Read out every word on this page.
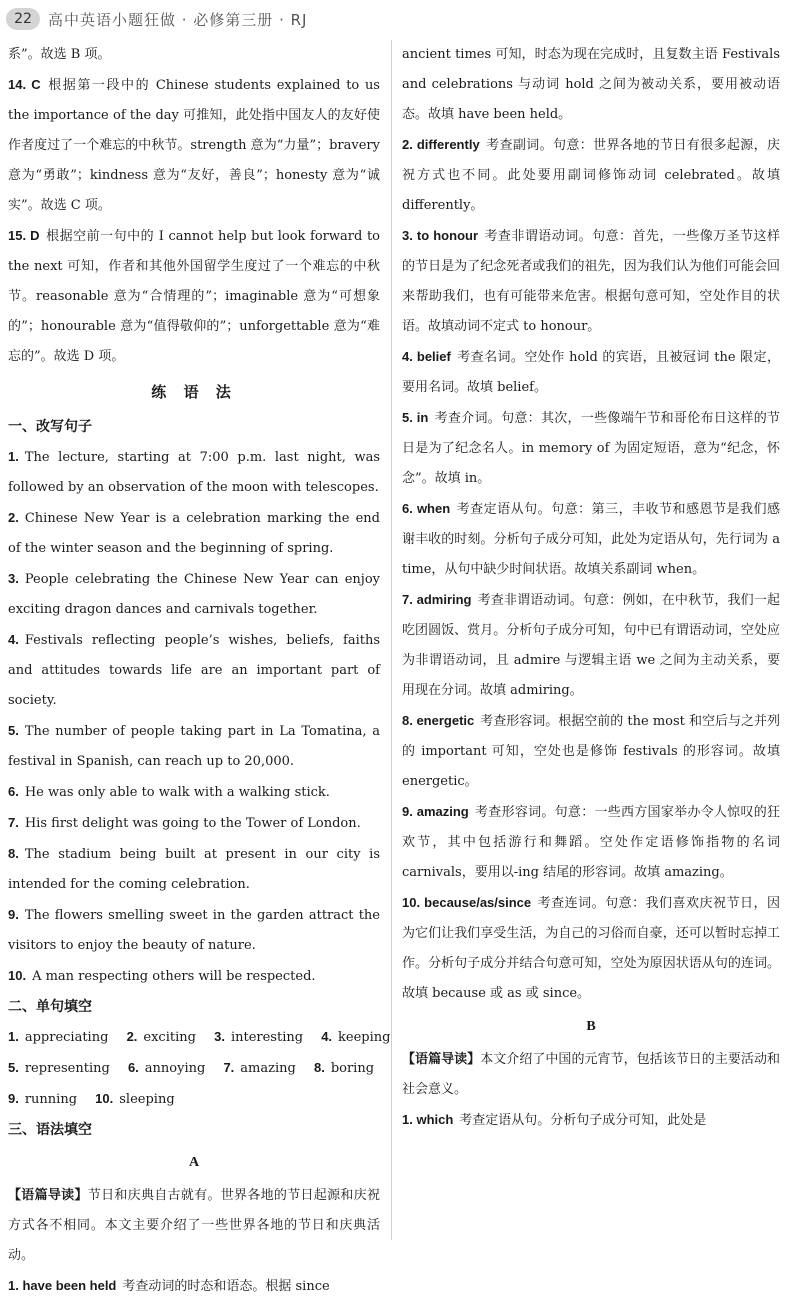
22	高中英语小题狂做 · 必修第三册 · RJ

系”。故选 B 项。

14. C 根据第一段中的 Chinese students explained to us the importance of the day 可推知，此处指中国友人的友好使作者度过了一个难忘的中秋节。strength 意为“力量”；bravery 意为“勇敢”；kindness 意为“友好，善良”；honesty 意为“诚实”。故选 C 项。

15. D 根据空前一句中的 I cannot help but look forward to the next 可知，作者和其他外国留学生度过了一个难忘的中秋节。reasonable 意为“合情理的”；imaginable 意为“可想象的”；honourable 意为“值得敬仰的”；unforgettable 意为“难忘的”。故选 D 项。

练 语 法

一、改写句子

1. The lecture, starting at 7:00 p.m. last night, was followed by an observation of the moon with telescopes.

2. Chinese New Year is a celebration marking the end of the winter season and the beginning of spring.

3. People celebrating the Chinese New Year can enjoy exciting dragon dances and carnivals together.

4. Festivals reflecting people’s wishes, beliefs, faiths and attitudes towards life are an important part of society.

5. The number of people taking part in La Tomatina, a festival in Spanish, can reach up to 20,000.

6. He was only able to walk with a walking stick.

7. His first delight was going to the Tower of London.

8. The stadium being built at present in our city is intended for the coming celebration.

9. The flowers smelling sweet in the garden attract the visitors to enjoy the beauty of nature.

10. A man respecting others will be respected.

二、单句填空

1. appreciating 2. exciting 3. interesting 4. keeping

5. representing 6. annoying 7. amazing 8. boring

9. running 10. sleeping

三、语法填空

A

【语篇导读】节日和庆典自古就有。世界各地的节日起源和庆祝方式各不相同。本文主要介绍了一些世界各地的节日和庆典活动。

1. have been held 考查动词的时态和语态。根据 since

ancient times 可知，时态为现在完成时，且复数主语 Festivals and celebrations 与动词 hold 之间为被动关系，要用被动语态。故填 have been held。

2. differently 考查副词。句意：世界各地的节日有很多起源，庆祝方式也不同。此处要用副词修饰动词 celebrated。故填 differently。

3. to honour 考查非谓语动词。句意：首先，一些像万圣节这样的节日是为了纪念死者或我们的祖先，因为我们认为他们可能会回来帮助我们，也有可能带来危害。根据句意可知，空处作目的状语。故填动词不定式 to honour。

4. belief 考查名词。空处作 hold 的宾语，且被冠词 the 限定，要用名词。故填 belief。

5. in 考查介词。句意：其次，一些像端午节和哥伦布日这样的节日是为了纪念名人。in memory of 为固定短语，意为“纪念，怀念”。故填 in。

6. when 考查定语从句。句意：第三，丰收节和感恩节是我们感谢丰收的时刻。分析句子成分可知，此处为定语从句，先行词为 a time，从句中缺少时间状语。故填关系副词 when。

7. admiring 考查非谓语动词。句意：例如，在中秋节，我们一起吃团圆饭、赏月。分析句子成分可知，句中已有谓语动词，空处应为非谓语动词，且 admire 与逻辑主语 we 之间为主动关系，要用现在分词。故填 admiring。

8. energetic 考查形容词。根据空前的 the most 和空后与之并列的 important 可知，空处也是修饰 festivals 的形容词。故填 energetic。

9. amazing 考查形容词。句意：一些西方国家举办令人惊叹的狂欢节，其中包括游行和舞蹈。空处作定语修饰指物的名词 carnivals，要用以-ing 结尾的形容词。故填 amazing。

10. because/as/since 考查连词。句意：我们喜欢庆祝节日，因为它们让我们享受生活，为自己的习俗而自豪，还可以暂时忘掉工作。分析句子成分并结合句意可知，空处为原因状语从句的连词。故填 because 或 as 或 since。

B

【语篇导读】本文介绍了中国的元宵节，包括该节日的主要活动和社会意义。

1. which 考查定语从句。分析句子成分可知，此处是
